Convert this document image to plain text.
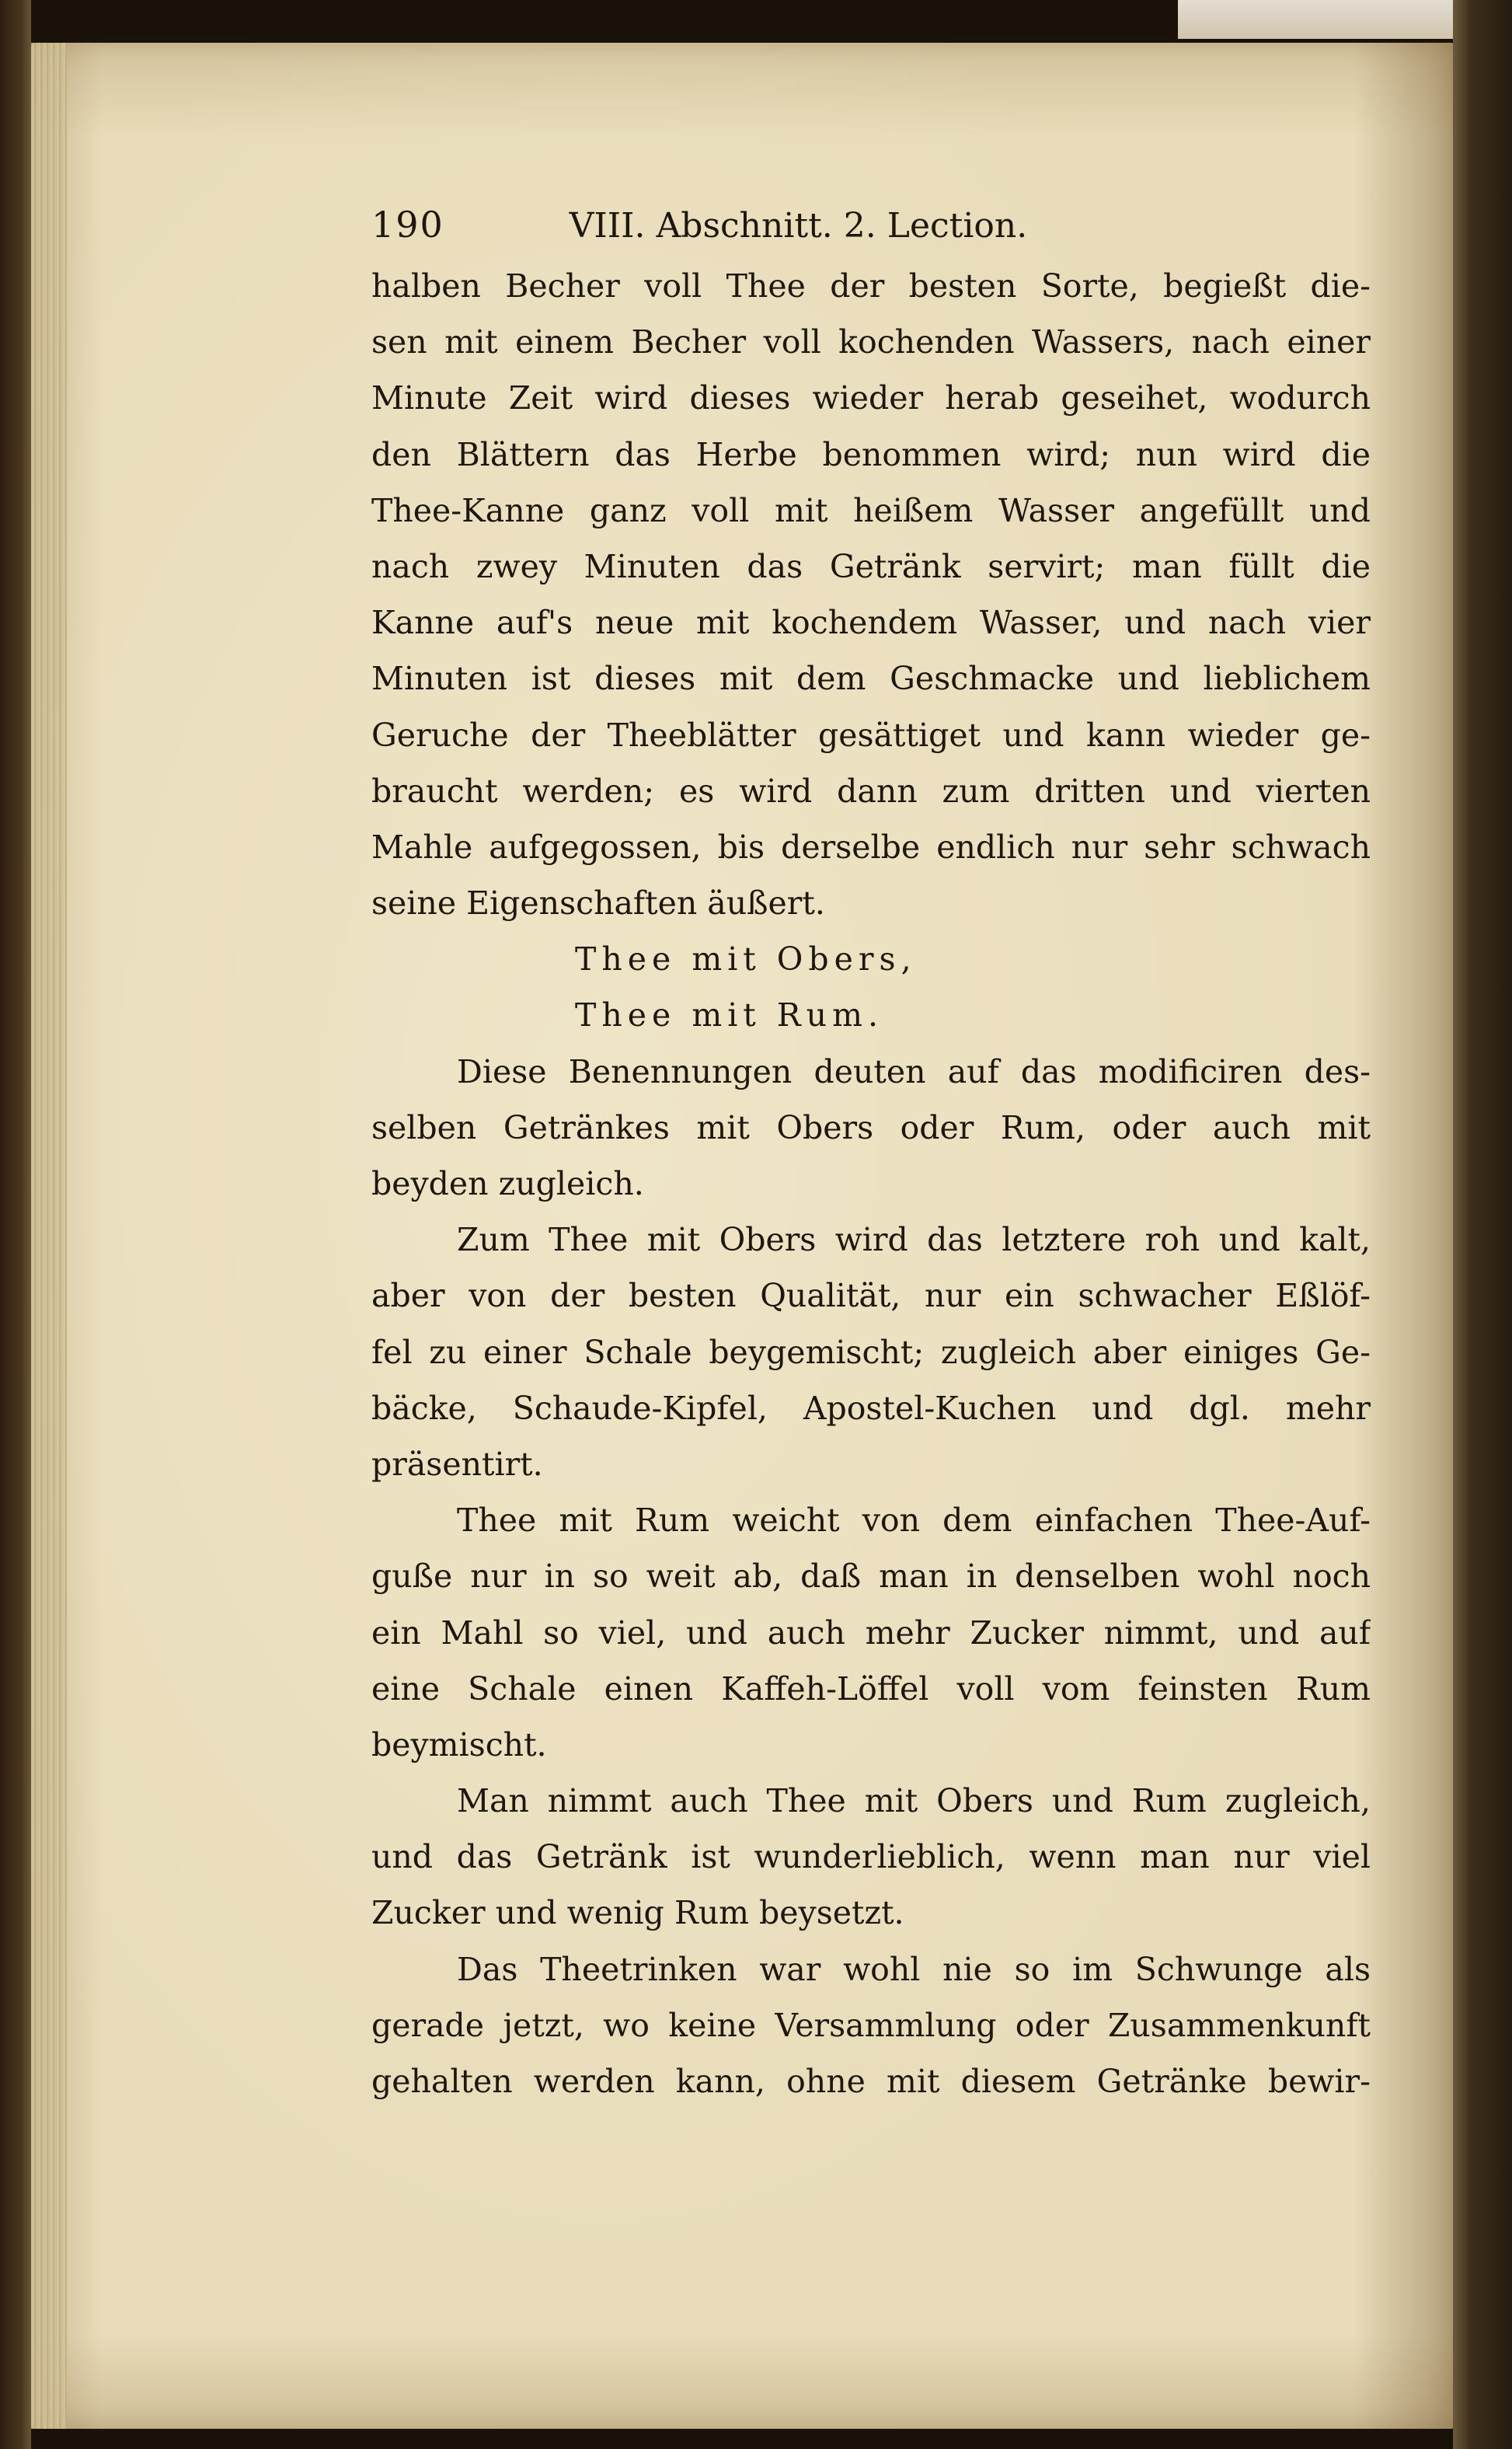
190	VIII. Abschnitt. 2. Lection.
halben Becher voll Thee der besten Sorte, begießt die-
sen mit einem Becher voll kochenden Wassers, nach einer
Minute Zeit wird dieses wieder herab geseihet, wodurch
den Blättern das Herbe benommen wird; nun wird die
Thee-Kanne ganz voll mit heißem Wasser angefüllt und
nach zwey Minuten das Getränk servirt; man füllt die
Kanne auf's neue mit kochendem Wasser, und nach vier
Minuten ist dieses mit dem Geschmacke und lieblichem
Geruche der Theeblätter gesättiget und kann wieder ge-
braucht werden; es wird dann zum dritten und vierten
Mahle aufgegossen, bis derselbe endlich nur sehr schwach
seine Eigenschaften äußert.
Thee mit Obers,
Thee mit Rum.
Diese Benennungen deuten auf das modificiren des-
selben Getränkes mit Obers oder Rum, oder auch mit
beyden zugleich.
Zum Thee mit Obers wird das letztere roh und kalt,
aber von der besten Qualität, nur ein schwacher Eßlöf-
fel zu einer Schale beygemischt; zugleich aber einiges Ge-
bäcke, Schaude-Kipfel, Apostel-Kuchen und dgl. mehr
präsentirt.
Thee mit Rum weicht von dem einfachen Thee-Auf-
guße nur in so weit ab, daß man in denselben wohl noch
ein Mahl so viel, und auch mehr Zucker nimmt, und auf
eine Schale einen Kaffeh-Löffel voll vom feinsten Rum
beymischt.
Man nimmt auch Thee mit Obers und Rum zugleich,
und das Getränk ist wunderlieblich, wenn man nur viel
Zucker und wenig Rum beysetzt.
Das Theetrinken war wohl nie so im Schwunge als
gerade jetzt, wo keine Versammlung oder Zusammenkunft
gehalten werden kann, ohne mit diesem Getränke bewir-
